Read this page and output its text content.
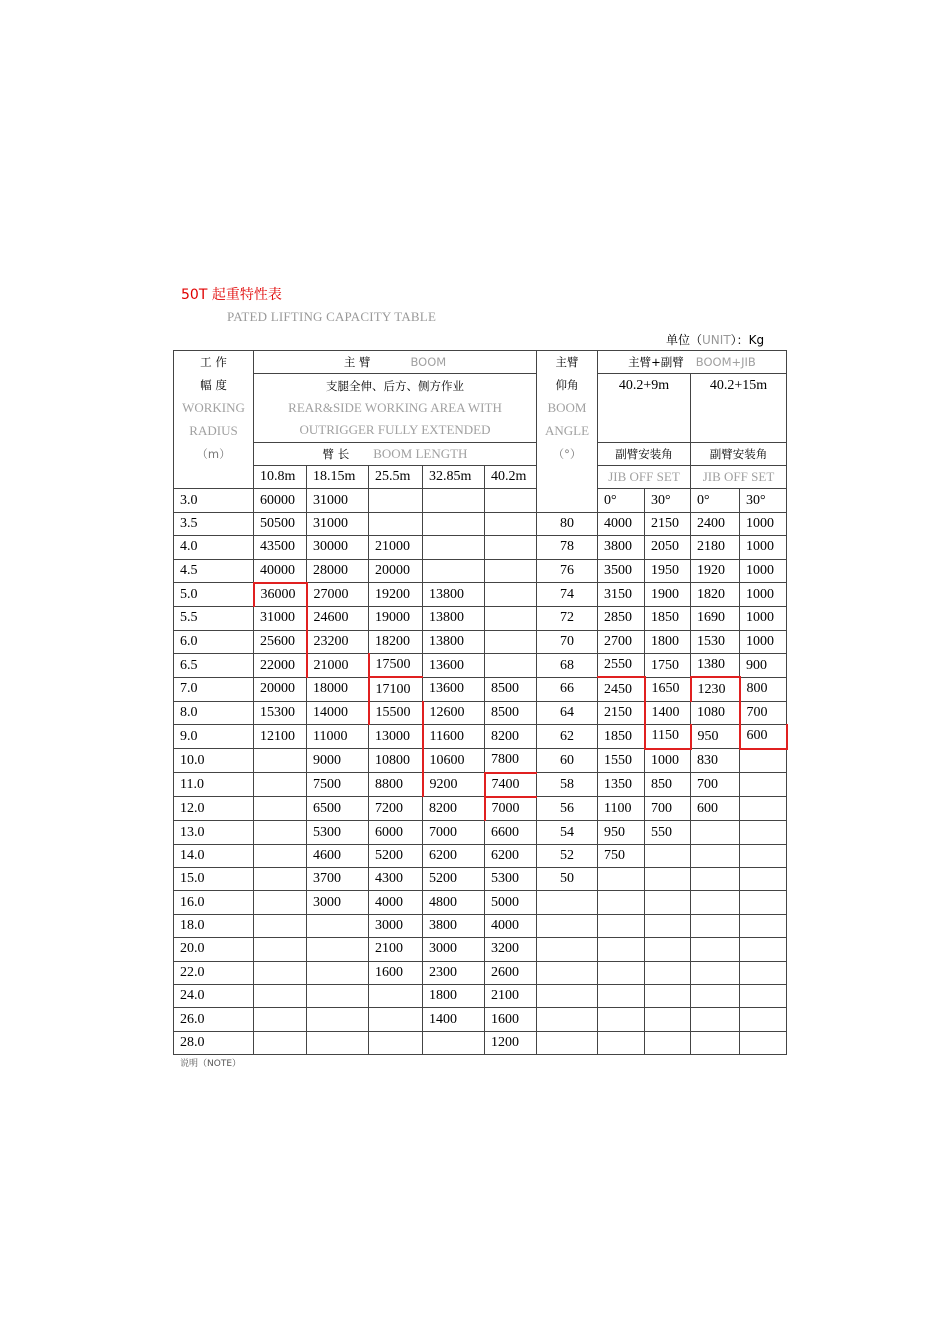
50T 起重特性表
PATED LIFTING CAPACITY TABLE
单位（UNIT）：Kg
工 作	主 臂 BOOM					主臂	主臂+副臂 BOOM+JIB			
幅 度	支腿全伸、后方、侧方作业					仰角	40.2+9m		40.2+15m	
WORKING	REAR&SIDE WORKING AREA WITH					BOOM				
RADIUS	OUTRIGGER FULLY EXTENDED					ANGLE				
（m）	臂 长 BOOM LENGTH					（°）	副臂安装角		副臂安装角	
	10.8m	18.15m	25.5m	32.85m	40.2m		JIB OFF SET		JIB OFF SET	
3.0	60000	31000					0°	30°	0°	30°
3.5	50500	31000				80	4000	2150	2400	1000
4.0	43500	30000	21000			78	3800	2050	2180	1000
4.5	40000	28000	20000			76	3500	1950	1920	1000
5.0	36000	27000	19200	13800		74	3150	1900	1820	1000
5.5	31000	24600	19000	13800		72	2850	1850	1690	1000
6.0	25600	23200	18200	13800		70	2700	1800	1530	1000
6.5	22000	21000	17500	13600		68	2550	1750	1380	900
7.0	20000	18000	17100	13600	8500	66	2450	1650	1230	800
8.0	15300	14000	15500	12600	8500	64	2150	1400	1080	700
9.0	12100	11000	13000	11600	8200	62	1850	1150	950	600
10.0		9000	10800	10600	7800	60	1550	1000	830	
11.0		7500	8800	9200	7400	58	1350	850	700	
12.0		6500	7200	8200	7000	56	1100	700	600	
13.0		5300	6000	7000	6600	54	950	550		
14.0		4600	5200	6200	6200	52	750			
15.0		3700	4300	5200	5300	50				
16.0		3000	4000	4800	5000					
18.0			3000	3800	4000					
20.0			2100	3000	3200					
22.0			1600	2300	2600					
24.0				1800	2100					
26.0				1400	1600					
28.0					1200					
说明（NOTE）
